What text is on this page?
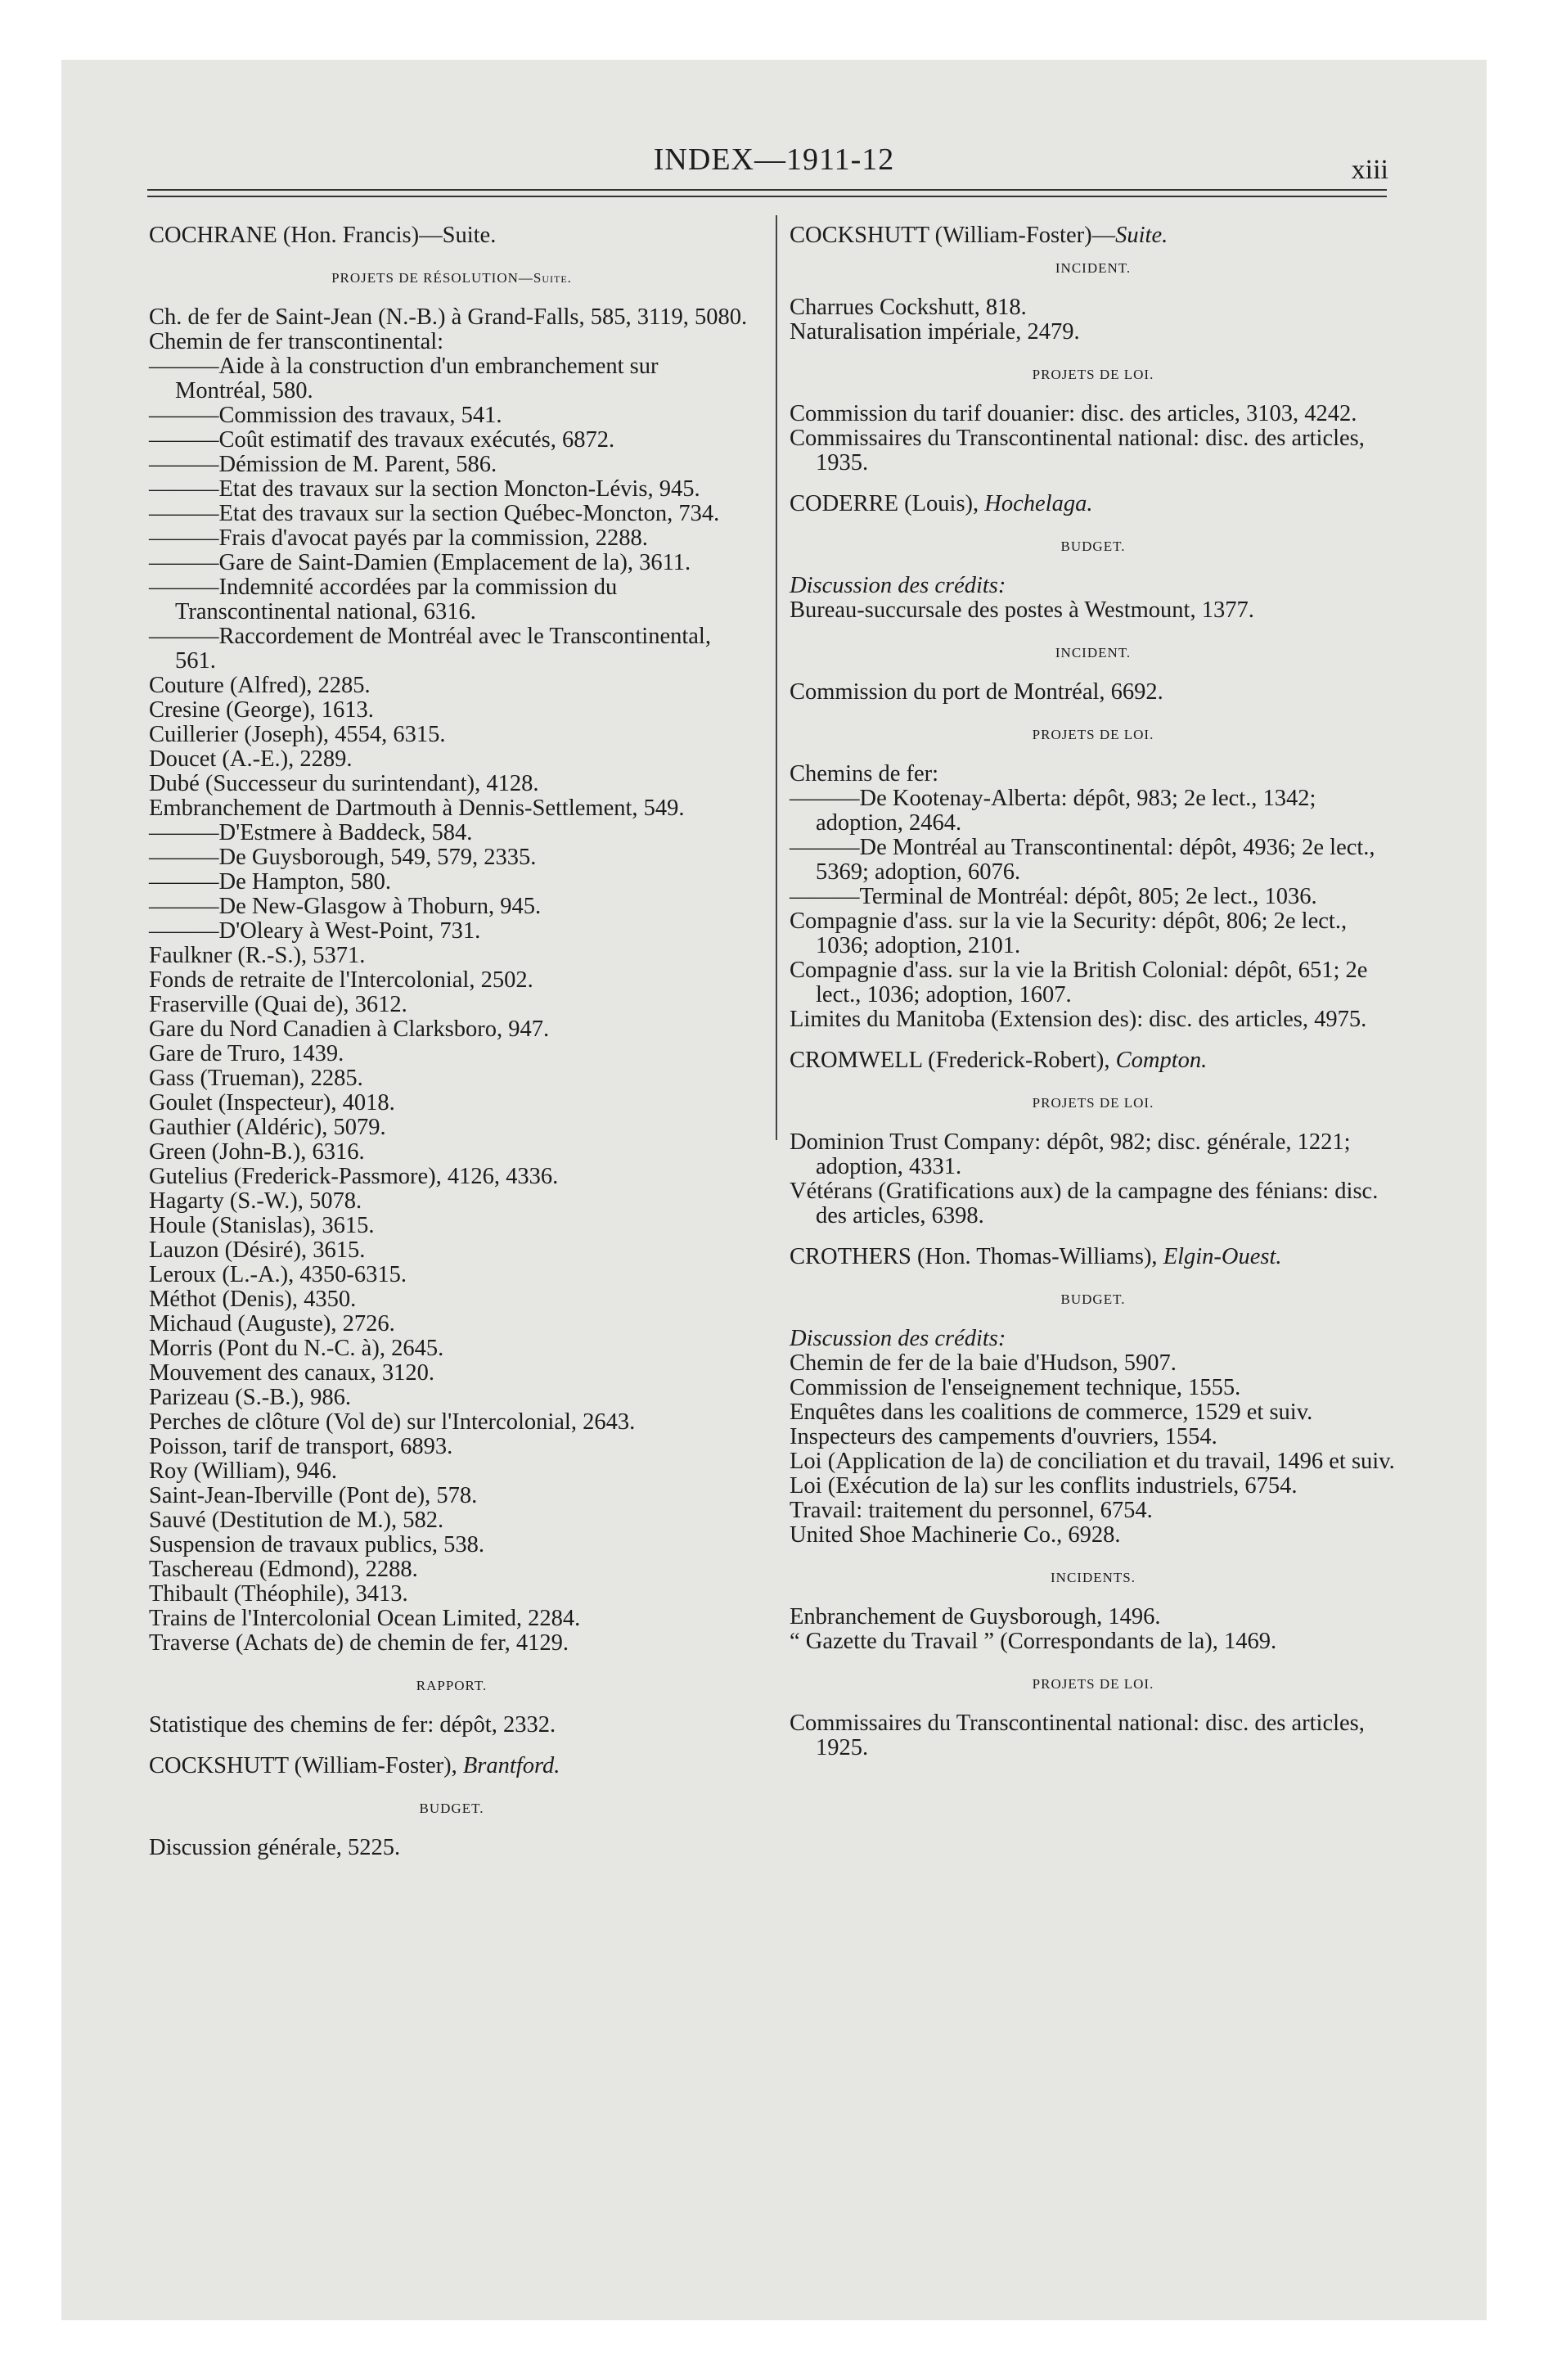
INDEX—1911-12	xiii

COCHRANE (Hon. Francis)—Suite.

PROJETS DE RÉSOLUTION—Suite.

Ch. de fer de Saint-Jean (N.-B.) à Grand-Falls, 585, 3119, 5080.

Chemin de fer transcontinental:

——— Aide à la construction d'un embranchement sur Montréal, 580.

——— Commission des travaux, 541.

——— Coût estimatif des travaux exécutés, 6872.

——— Démission de M. Parent, 586.

——— Etat des travaux sur la section Moncton-Lévis, 945.

——— Etat des travaux sur la section Québec-Moncton, 734.

——— Frais d'avocat payés par la commission, 2288.

——— Gare de Saint-Damien (Emplacement de la), 3611.

——— Indemnité accordées par la commission du Transcontinental national, 6316.

——— Raccordement de Montréal avec le Transcontinental, 561.

Couture (Alfred), 2285.

Cresine (George), 1613.

Cuillerier (Joseph), 4554, 6315.

Doucet (A.-E.), 2289.

Dubé (Successeur du surintendant), 4128.

Embranchement de Dartmouth à Dennis-Settlement, 549.

——— D'Estmere à Baddeck, 584.

——— De Guysborough, 549, 579, 2335.

——— De Hampton, 580.

——— De New-Glasgow à Thoburn, 945.

——— D'Oleary à West-Point, 731.

Faulkner (R.-S.), 5371.

Fonds de retraite de l'Intercolonial, 2502.

Fraserville (Quai de), 3612.

Gare du Nord Canadien à Clarksboro, 947.

Gare de Truro, 1439.

Gass (Trueman), 2285.

Goulet (Inspecteur), 4018.

Gauthier (Aldéric), 5079.

Green (John-B.), 6316.

Gutelius (Frederick-Passmore), 4126, 4336.

Hagarty (S.-W.), 5078.

Houle (Stanislas), 3615.

Lauzon (Désiré), 3615.

Leroux (L.-A.), 4350-6315.

Méthot (Denis), 4350.

Michaud (Auguste), 2726.

Morris (Pont du N.-C. à), 2645.

Mouvement des canaux, 3120.

Parizeau (S.-B.), 986.

Perches de clôture (Vol de) sur l'Intercolonial, 2643.

Poisson, tarif de transport, 6893.

Roy (William), 946.

Saint-Jean-Iberville (Pont de), 578.

Sauvé (Destitution de M.), 582.

Suspension de travaux publics, 538.

Taschereau (Edmond), 2288.

Thibault (Théophile), 3413.

Trains de l'Intercolonial Ocean Limited, 2284.

Traverse (Achats de) de chemin de fer, 4129.

RAPPORT.

Statistique des chemins de fer: dépôt, 2332.

COCKSHUTT (William-Foster), Brantford.

BUDGET.

Discussion générale, 5225.

COCKSHUTT (William-Foster)—Suite.

INCIDENT.

Charrues Cockshutt, 818.

Naturalisation impériale, 2479.

PROJETS DE LOI.

Commission du tarif douanier: disc. des articles, 3103, 4242.

Commissaires du Transcontinental national: disc. des articles, 1935.

CODERRE (Louis), Hochelaga.

BUDGET.

Discussion des crédits:

Bureau-succursale des postes à Westmount, 1377.

INCIDENT.

Commission du port de Montréal, 6692.

PROJETS DE LOI.

Chemins de fer:

——— De Kootenay-Alberta: dépôt, 983; 2e lect., 1342; adoption, 2464.

——— De Montréal au Transcontinental: dépôt, 4936; 2e lect., 5369; adoption, 6076.

——— Terminal de Montréal: dépôt, 805; 2e lect., 1036.

Compagnie d'ass. sur la vie la Security: dépôt, 806; 2e lect., 1036; adoption, 2101.

Compagnie d'ass. sur la vie la British Colonial: dépôt, 651; 2e lect., 1036; adoption, 1607.

Limites du Manitoba (Extension des): disc. des articles, 4975.

CROMWELL (Frederick-Robert), Compton.

PROJETS DE LOI.

Dominion Trust Company: dépôt, 982; disc. générale, 1221; adoption, 4331.

Vétérans (Gratifications aux) de la campagne des fénians: disc. des articles, 6398.

CROTHERS (Hon. Thomas-Williams), Elgin-Ouest.

BUDGET.

Discussion des crédits:

Chemin de fer de la baie d'Hudson, 5907.

Commission de l'enseignement technique, 1555.

Enquêtes dans les coalitions de commerce, 1529 et suiv.

Inspecteurs des campements d'ouvriers, 1554.

Loi (Application de la) de conciliation et du travail, 1496 et suiv.

Loi (Exécution de la) sur les conflits industriels, 6754.

Travail: traitement du personnel, 6754.

United Shoe Machinerie Co., 6928.

INCIDENTS.

Enbranchement de Guysborough, 1496.

“ Gazette du Travail ” (Correspondants de la), 1469.

PROJETS DE LOI.

Commissaires du Transcontinental national: disc. des articles, 1925.
